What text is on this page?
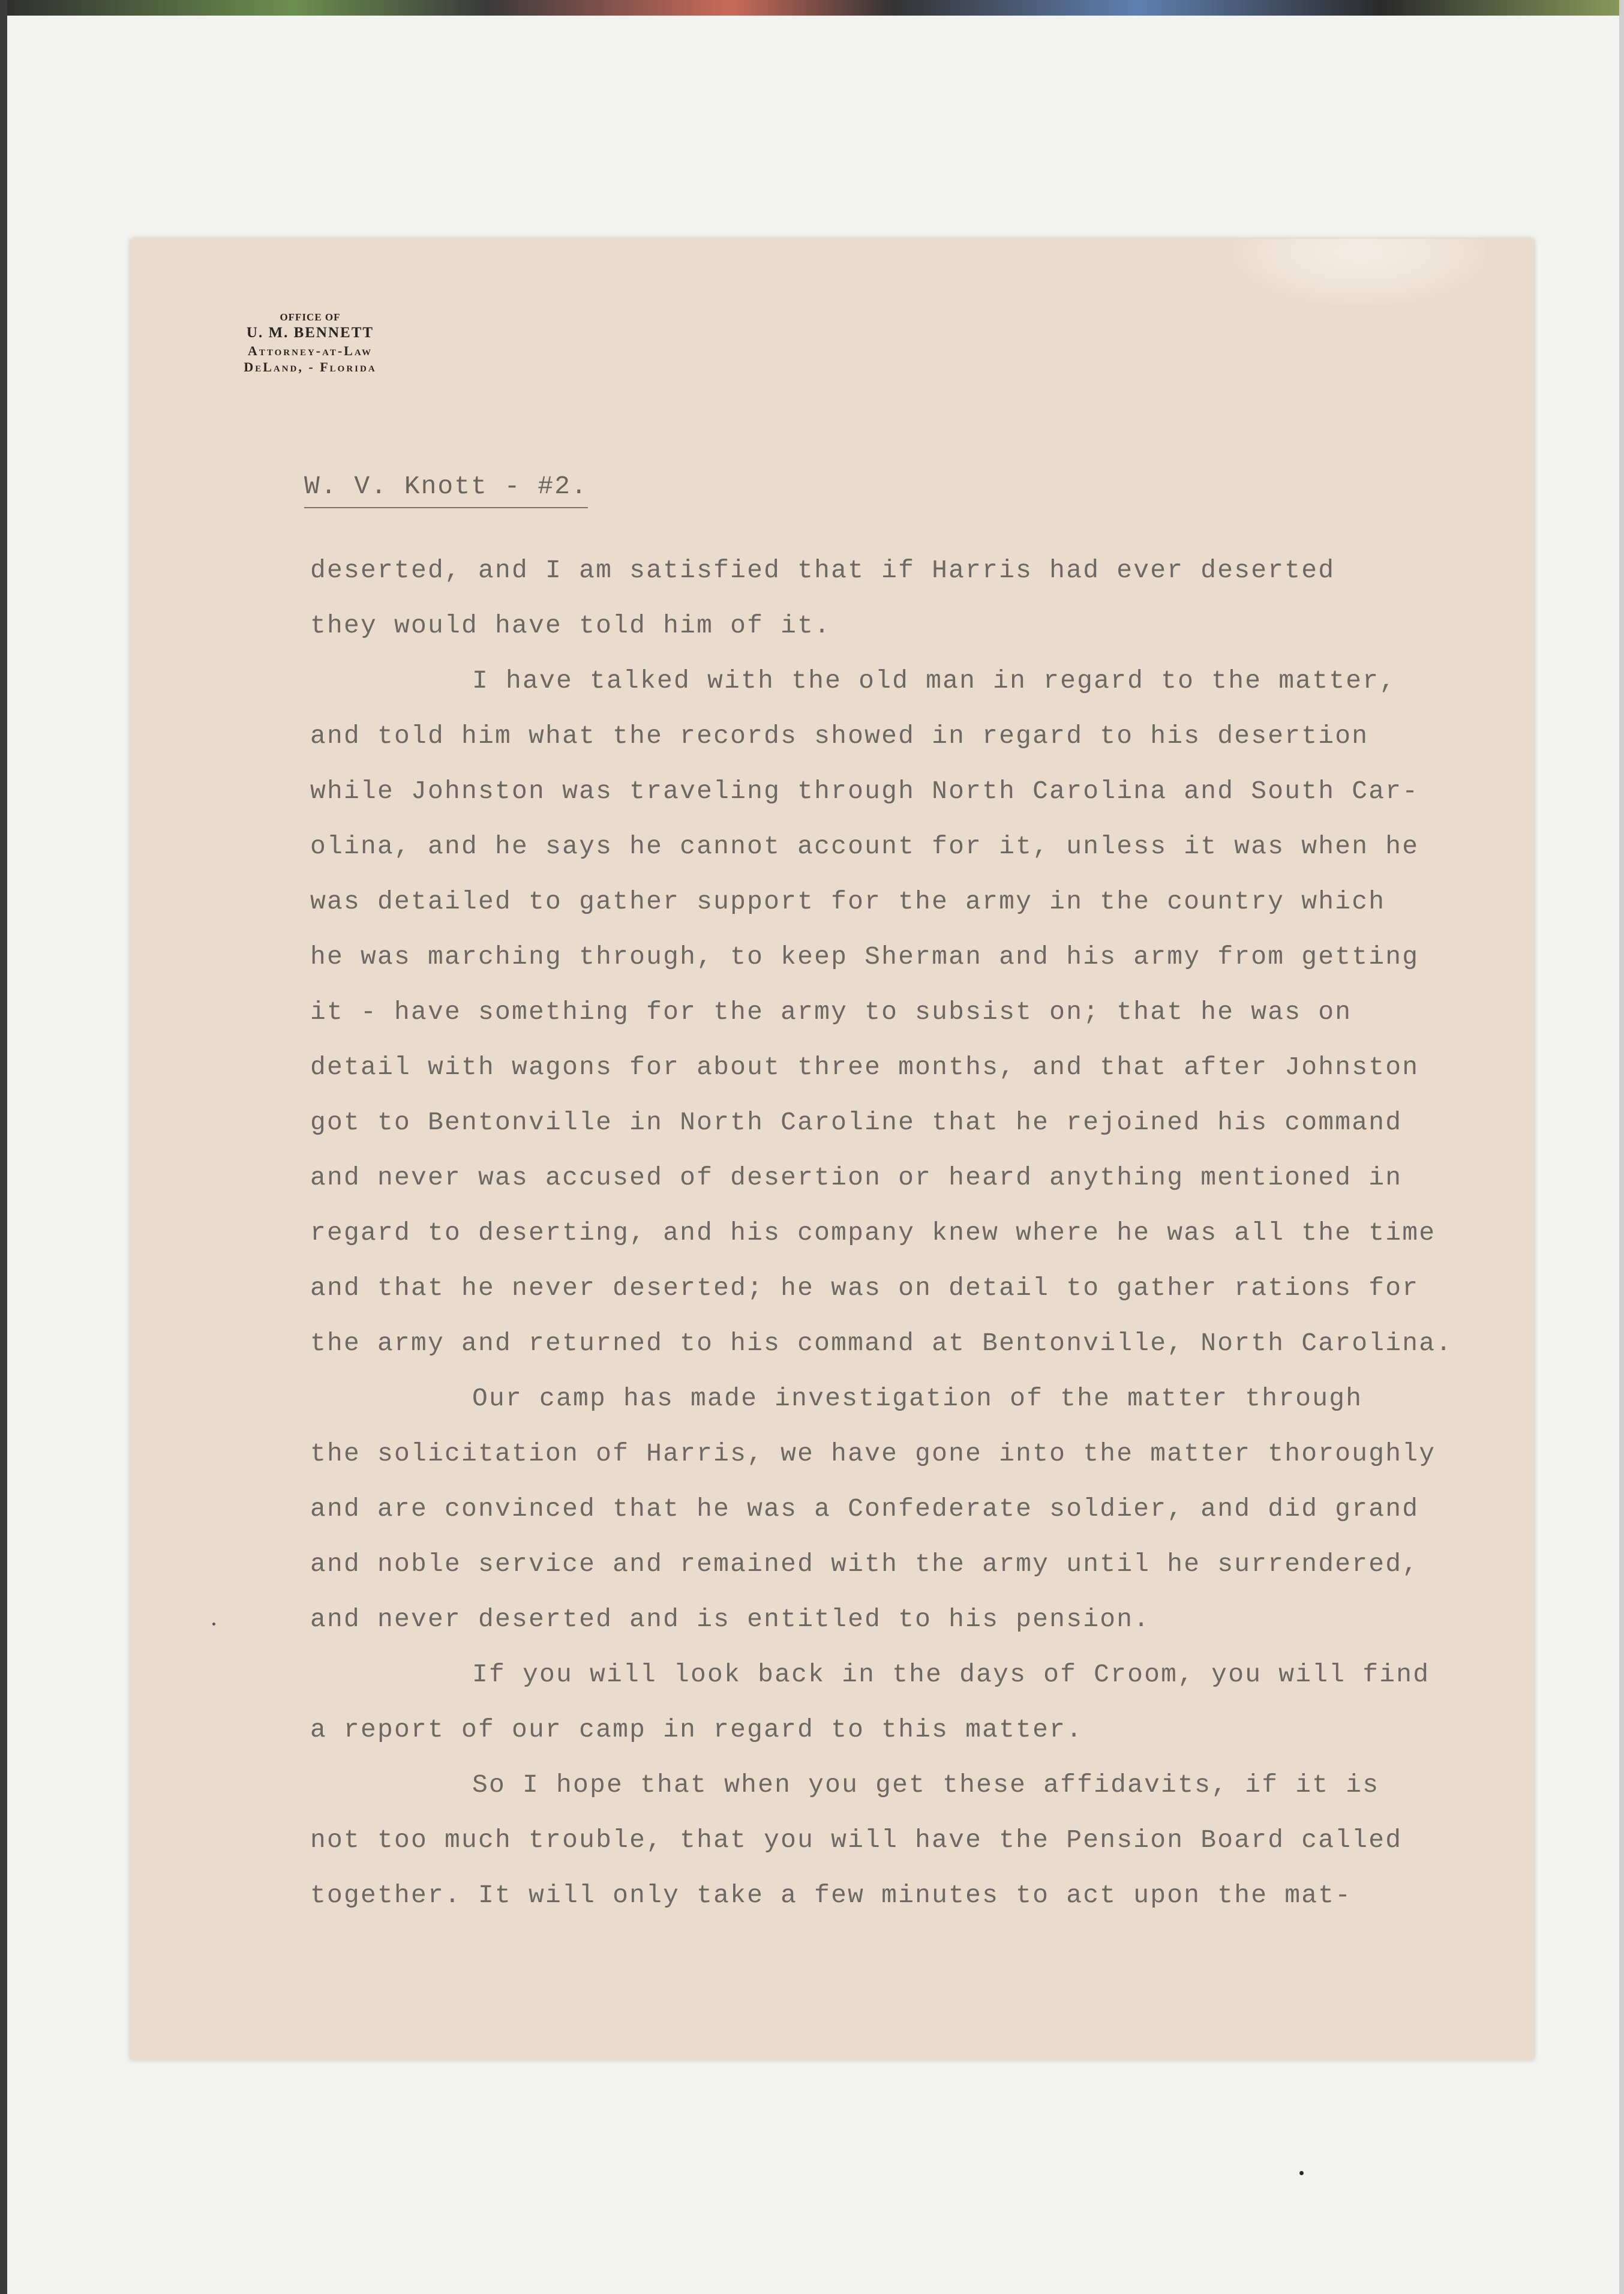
OFFICE OF
U. M. BENNETT
Attorney-at-Law
DeLand, - Florida
W. V. Knott - #2.
deserted, and I am satisfied that if Harris had ever deserted
they would have told him of it.
I have talked with the old man in regard to the matter,
and told him what the records showed in regard to his desertion
while Johnston was traveling through North Carolina and South Car-
olina, and he says he cannot account for it, unless it was when he
was detailed to gather support for the army in the country which
he was marching through, to keep Sherman and his army from getting
it - have something for the army to subsist on; that he was on
detail with wagons for about three months, and that after Johnston
got to Bentonville in North Caroline that he rejoined his command
and never was accused of desertion or heard anything mentioned in
regard to deserting, and his company knew where he was all the time
and that he never deserted; he was on detail to gather rations for
the army and returned to his command at Bentonville, North Carolina.
Our camp has made investigation of the matter through
the solicitation of Harris, we have gone into the matter thoroughly
and are convinced that he was a Confederate soldier, and did grand
and noble service and remained with the army until he surrendered,
and never deserted and is entitled to his pension.
If you will look back in the days of Croom, you will find
a report of our camp in regard to this matter.
So I hope that when you get these affidavits, if it is
not too much trouble, that you will have the Pension Board called
together. It will only take a few minutes to act upon the mat-
